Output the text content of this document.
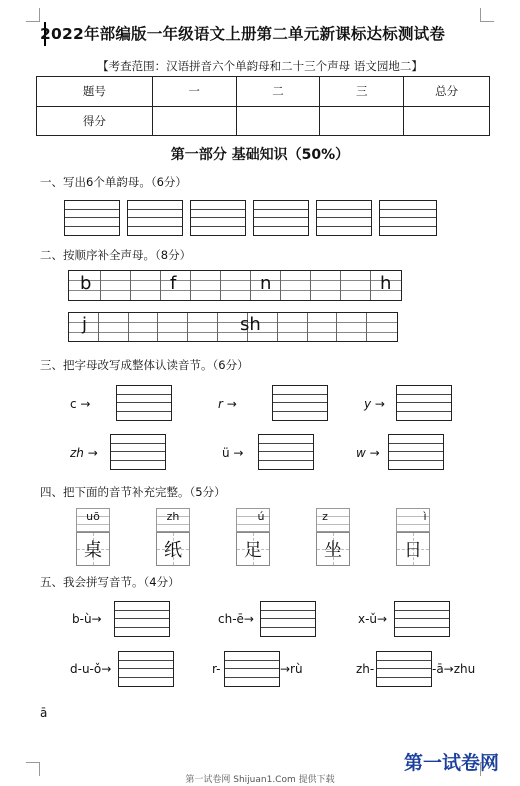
2022年部编版一年级语文上册第二单元新课标达标测试卷
【考查范围：汉语拼音六个单韵母和二十三个声母 语文园地二】
题号	一	二	三	总分
得分				
第一部分 基础知识（50%）
一、写出6个单韵母。（6分）
二、按顺序补全声母。（8分）
b	f	n	h
j	sh
三、把字母改写成整体认读音节。（6分）
c →	r →	y →
zh →	ü →	w →
四、把下面的音节补充完整。（5分）
uō
桌
zh
纸
ú
足
z
坐
ì
日
五、我会拼写音节。（4分）
b-ù→	ch-ē→	x-ǔ→
d-u-ǒ→	r-	→rù	zh-	-ā→zhu
ā
第一试卷网
第一试卷网 Shijuan1.Com 提供下载
